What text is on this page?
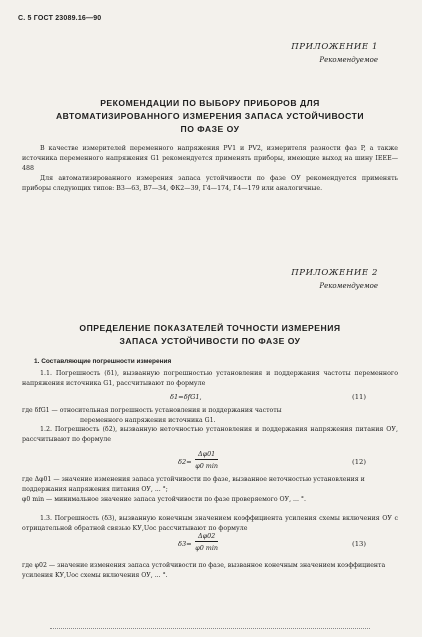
С. 5 ГОСТ 23089.16—90
ПРИЛОЖЕНИЕ 1
Рекомендуемое
РЕКОМЕНДАЦИИ ПО ВЫБОРУ ПРИБОРОВ ДЛЯ
АВТОМАТИЗИРОВАННОГО ИЗМЕРЕНИЯ ЗАПАСА УСТОЙЧИВОСТИ
ПО ФАЗЕ ОУ
В качестве измерителей переменного напряжения PV1 и PV2, измерителя разности фаз P, а также источника переменного напряжения G1 рекомендуется применять приборы, имеющие выход на шину IEEE—488
Для автоматизированного измерения запаса устойчивости по фазе ОУ рекомендуется применять приборы следующих типов: В3—63, В7—34, ФК2—39, Г4—174, Г4—179 или аналогичные.
ПРИЛОЖЕНИЕ 2
Рекомендуемое
ОПРЕДЕЛЕНИЕ ПОКАЗАТЕЛЕЙ ТОЧНОСТИ ИЗМЕРЕНИЯ
ЗАПАСА УСТОЙЧИВОСТИ ПО ФАЗЕ ОУ
1. Составляющие погрешности измерения
1.1. Погрешность (δ1), вызванную погрешностью установления и поддержания частоты переменного напряжения источника G1, рассчитывают по формуле
δ1=δfG1,	(11)
где δfG1 — относительная погрешность установления и поддержания частоты
переменного напряжения источника G1.
1.2. Погрешность (δ2), вызванную неточностью установления и поддержания напряжения питания ОУ, рассчитывают по формуле
δ2=
Δφ01
φ0 min	(12)
где Δφ01 — значение изменения запаса устойчивости по фазе, вызванное неточностью установления и поддержания напряжения питания ОУ, ... °;
φ0 min — минимальное значение запаса устойчивости по фазе проверяемого ОУ, ... °.
1.3. Погрешность (δ3), вызванную конечным значением коэффициента усиления схемы включения ОУ с отрицательной обратной связью KУ,Uос рассчитывают по формуле
δ3=
Δφ02
φ0 min	(13)
где φ02 — значение изменения запаса устойчивости по фазе, вызванное конечным значением коэффициента усиления KУ,Uос схемы включения ОУ, ... °.
